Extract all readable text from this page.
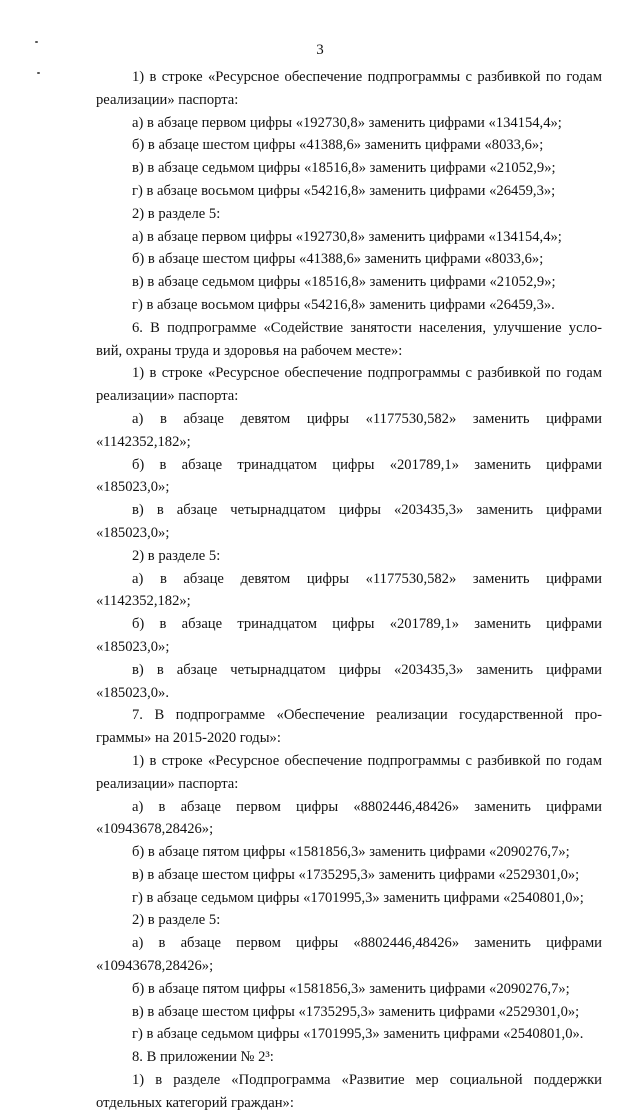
3
1) в строке «Ресурсное обеспечение подпрограммы с разбивкой по годам
реализации» паспорта:
а) в абзаце первом цифры «192730,8» заменить цифрами «134154,4»;
б) в абзаце шестом цифры «41388,6» заменить цифрами «8033,6»;
в) в абзаце седьмом цифры «18516,8» заменить цифрами «21052,9»;
г) в абзаце восьмом цифры «54216,8» заменить цифрами «26459,3»;
2) в разделе 5:
а) в абзаце первом цифры «192730,8» заменить цифрами «134154,4»;
б) в абзаце шестом цифры «41388,6» заменить цифрами «8033,6»;
в) в абзаце седьмом цифры «18516,8» заменить цифрами «21052,9»;
г) в абзаце восьмом цифры «54216,8» заменить цифрами «26459,3».
6. В подпрограмме «Содействие занятости населения, улучшение усло-
вий, охраны труда и здоровья на рабочем месте»:
1) в строке «Ресурсное обеспечение подпрограммы с разбивкой по годам
реализации» паспорта:
а) в абзаце девятом цифры «1177530,582» заменить цифрами
«1142352,182»;
б) в абзаце тринадцатом цифры «201789,1» заменить цифрами
«185023,0»;
в) в абзаце четырнадцатом цифры «203435,3» заменить цифрами
«185023,0»;
2) в разделе 5:
а) в абзаце девятом цифры «1177530,582» заменить цифрами
«1142352,182»;
б) в абзаце тринадцатом цифры «201789,1» заменить цифрами
«185023,0»;
в) в абзаце четырнадцатом цифры «203435,3» заменить цифрами
«185023,0».
7. В подпрограмме «Обеспечение реализации государственной про-
граммы» на 2015-2020 годы»:
1) в строке «Ресурсное обеспечение подпрограммы с разбивкой по годам
реализации» паспорта:
а) в абзаце первом цифры «8802446,48426» заменить цифрами
«10943678,28426»;
б) в абзаце пятом цифры «1581856,3» заменить цифрами «2090276,7»;
в) в абзаце шестом цифры «1735295,3» заменить цифрами «2529301,0»;
г) в абзаце седьмом цифры «1701995,3» заменить цифрами «2540801,0»;
2) в разделе 5:
а) в абзаце первом цифры «8802446,48426» заменить цифрами
«10943678,28426»;
б) в абзаце пятом цифры «1581856,3» заменить цифрами «2090276,7»;
в) в абзаце шестом цифры «1735295,3» заменить цифрами «2529301,0»;
г) в абзаце седьмом цифры «1701995,3» заменить цифрами «2540801,0».
8. В приложении № 2³:
1) в разделе «Подпрограмма «Развитие мер социальной поддержки
отдельных категорий граждан»:
